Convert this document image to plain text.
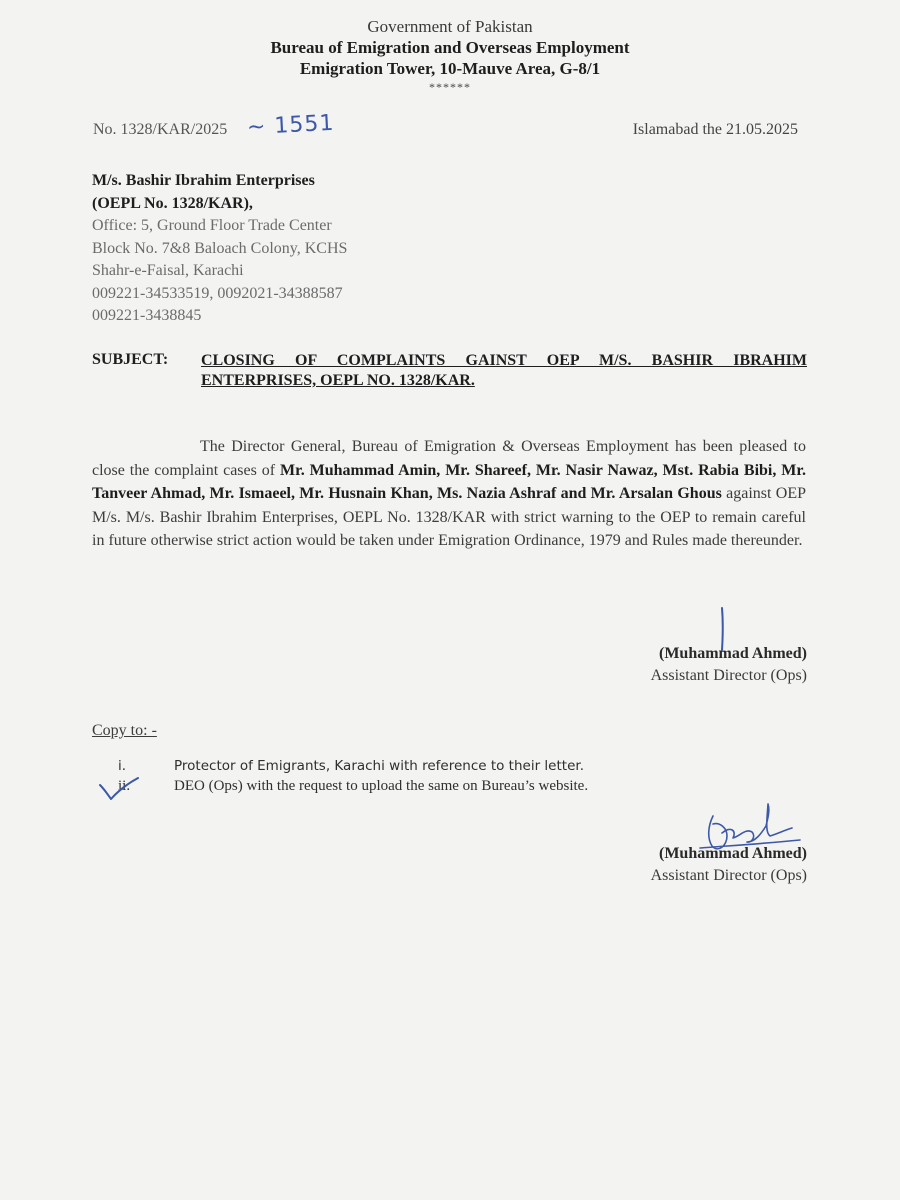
Government of Pakistan
Bureau of Emigration and Overseas Employment
Emigration Tower, 10-Mauve Area, G-8/1
******
No. 1328/KAR/2025 ~ 1551	Islamabad the 21.05.2025
M/s. Bashir Ibrahim Enterprises
(OEPL No. 1328/KAR),
Office: 5, Ground Floor Trade Center
Block No. 7&8 Baloach Colony, KCHS
Shahr-e-Faisal, Karachi
009221-34533519, 0092021-34388587
009221-3438845
SUBJECT: CLOSING OF COMPLAINTS GAINST OEP M/S. BASHIR IBRAHIM ENTERPRISES, OEPL NO. 1328/KAR.
The Director General, Bureau of Emigration & Overseas Employment has been pleased to close the complaint cases of Mr. Muhammad Amin, Mr. Shareef, Mr. Nasir Nawaz, Mst. Rabia Bibi, Mr. Tanveer Ahmad, Mr. Ismaeel, Mr. Husnain Khan, Ms. Nazia Ashraf and Mr. Arsalan Ghous against OEP M/s. M/s. Bashir Ibrahim Enterprises, OEPL No. 1328/KAR with strict warning to the OEP to remain careful in future otherwise strict action would be taken under Emigration Ordinance, 1979 and Rules made thereunder.
(Muhammad Ahmed)
Assistant Director (Ops)
Copy to: -
i.	Protector of Emigrants, Karachi with reference to their letter.
ii.	DEO (Ops) with the request to upload the same on Bureau’s website.
(Muhammad Ahmed)
Assistant Director (Ops)
